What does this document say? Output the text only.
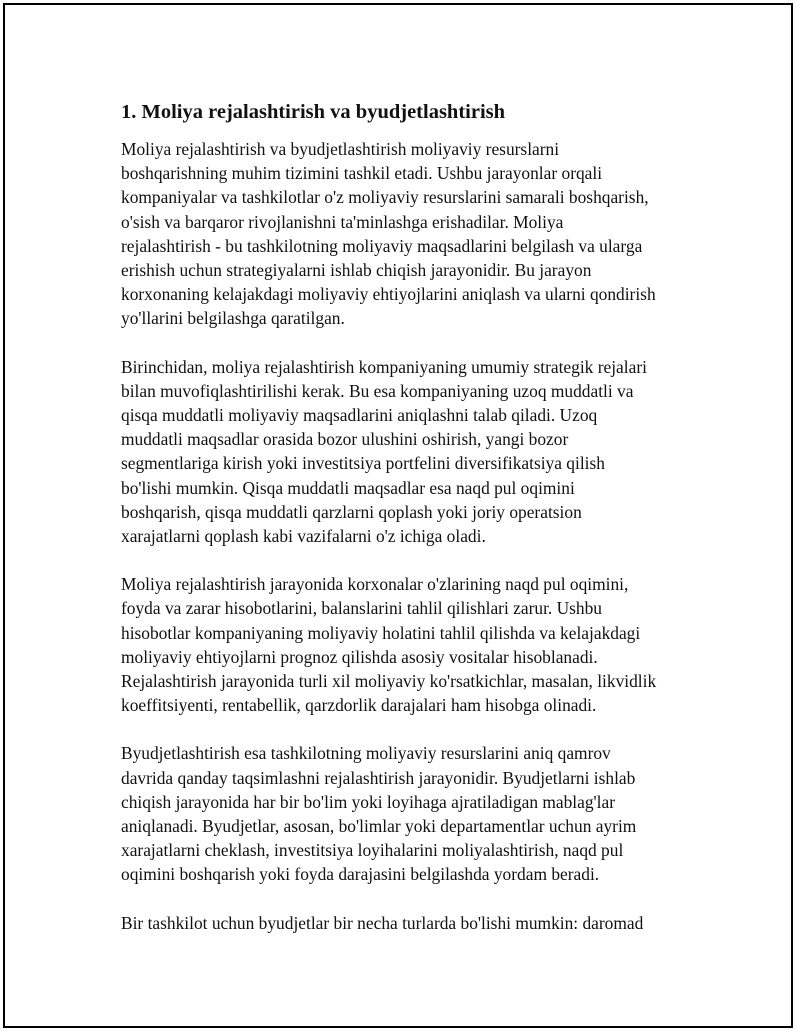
1. Moliya rejalashtirish va byudjetlashtirish

Moliya rejalashtirish va byudjetlashtirish moliyaviy resurslarni
boshqarishning muhim tizimini tashkil etadi. Ushbu jarayonlar orqali
kompaniyalar va tashkilotlar o'z moliyaviy resurslarini samarali boshqarish,
o'sish va barqaror rivojlanishni ta'minlashga erishadilar. Moliya
rejalashtirish - bu tashkilotning moliyaviy maqsadlarini belgilash va ularga
erishish uchun strategiyalarni ishlab chiqish jarayonidir. Bu jarayon
korxonaning kelajakdagi moliyaviy ehtiyojlarini aniqlash va ularni qondirish
yo'llarini belgilashga qaratilgan.

Birinchidan, moliya rejalashtirish kompaniyaning umumiy strategik rejalari
bilan muvofiqlashtirilishi kerak. Bu esa kompaniyaning uzoq muddatli va
qisqa muddatli moliyaviy maqsadlarini aniqlashni talab qiladi. Uzoq
muddatli maqsadlar orasida bozor ulushini oshirish, yangi bozor
segmentlariga kirish yoki investitsiya portfelini diversifikatsiya qilish
bo'lishi mumkin. Qisqa muddatli maqsadlar esa naqd pul oqimini
boshqarish, qisqa muddatli qarzlarni qoplash yoki joriy operatsion
xarajatlarni qoplash kabi vazifalarni o'z ichiga oladi.

Moliya rejalashtirish jarayonida korxonalar o'zlarining naqd pul oqimini,
foyda va zarar hisobotlarini, balanslarini tahlil qilishlari zarur. Ushbu
hisobotlar kompaniyaning moliyaviy holatini tahlil qilishda va kelajakdagi
moliyaviy ehtiyojlarni prognoz qilishda asosiy vositalar hisoblanadi.
Rejalashtirish jarayonida turli xil moliyaviy ko'rsatkichlar, masalan, likvidlik
koeffitsiyenti, rentabellik, qarzdorlik darajalari ham hisobga olinadi.

Byudjetlashtirish esa tashkilotning moliyaviy resurslarini aniq qamrov
davrida qanday taqsimlashni rejalashtirish jarayonidir. Byudjetlarni ishlab
chiqish jarayonida har bir bo'lim yoki loyihaga ajratiladigan mablag'lar
aniqlanadi. Byudjetlar, asosan, bo'limlar yoki departamentlar uchun ayrim
xarajatlarni cheklash, investitsiya loyihalarini moliyalashtirish, naqd pul
oqimini boshqarish yoki foyda darajasini belgilashda yordam beradi.

Bir tashkilot uchun byudjetlar bir necha turlarda bo'lishi mumkin: daromad
